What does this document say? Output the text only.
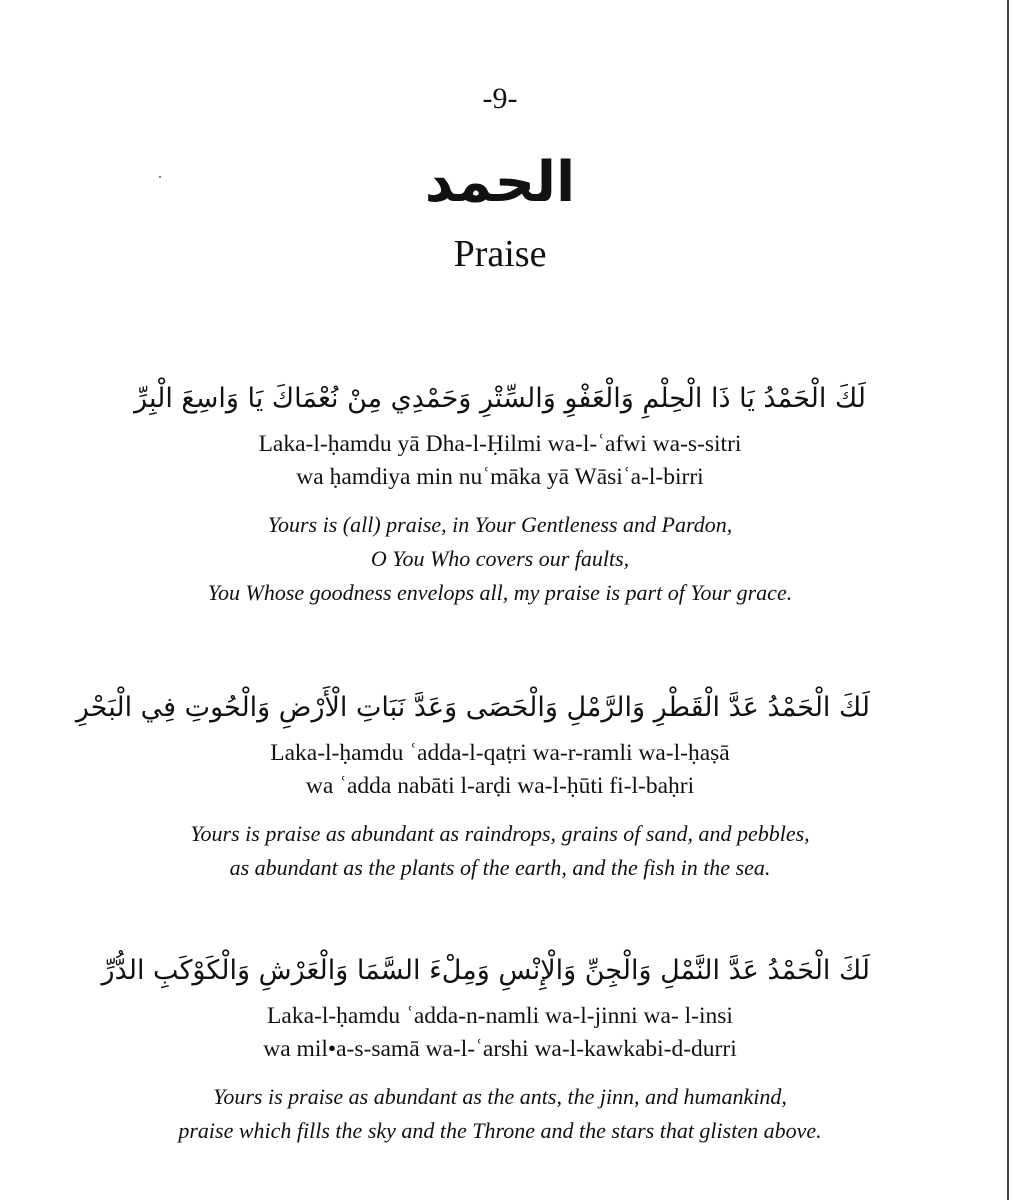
-9-
الحمد
Praise
لَكَ الْحَمْدُ يَا ذَا الْحِلْمِ وَالْعَفْوِ وَالسِّتْرِ وَحَمْدِي مِنْ نُعْمَاكَ يَا وَاسِعَ الْبِرِّ
Laka-l-ḥamdu yā Dha-l-Ḥilmi wa-l-ʿafwi wa-s-sitri
wa ḥamdiya min nuʿmāka yā Wāsiʿa-l-birri
Yours is (all) praise, in Your Gentleness and Pardon,
O You Who covers our faults,
You Whose goodness envelops all, my praise is part of Your grace.
لَكَ الْحَمْدُ عَدَّ الْقَطْرِ وَالرَّمْلِ وَالْحَصَى وَعَدَّ نَبَاتِ الْأَرْضِ وَالْحُوتِ فِي الْبَحْرِ
Laka-l-ḥamdu ʿadda-l-qaṭri wa-r-ramli wa-l-ḥaṣā
wa ʿadda nabāti l-arḍi wa-l-ḥūti fi-l-baḥri
Yours is praise as abundant as raindrops, grains of sand, and pebbles,
as abundant as the plants of the earth, and the fish in the sea.
لَكَ الْحَمْدُ عَدَّ النَّمْلِ وَالْجِنِّ وَالْإِنْسِ وَمِلْءَ السَّمَا وَالْعَرْشِ وَالْكَوْكَبِ الدُّرِّ
Laka-l-ḥamdu ʿadda-n-namli wa-l-jinni wa- l-insi
wa mil•a-s-samā wa-l-ʿarshi wa-l-kawkabi-d-durri
Yours is praise as abundant as the ants, the jinn, and humankind,
praise which fills the sky and the Throne and the stars that glisten above.
